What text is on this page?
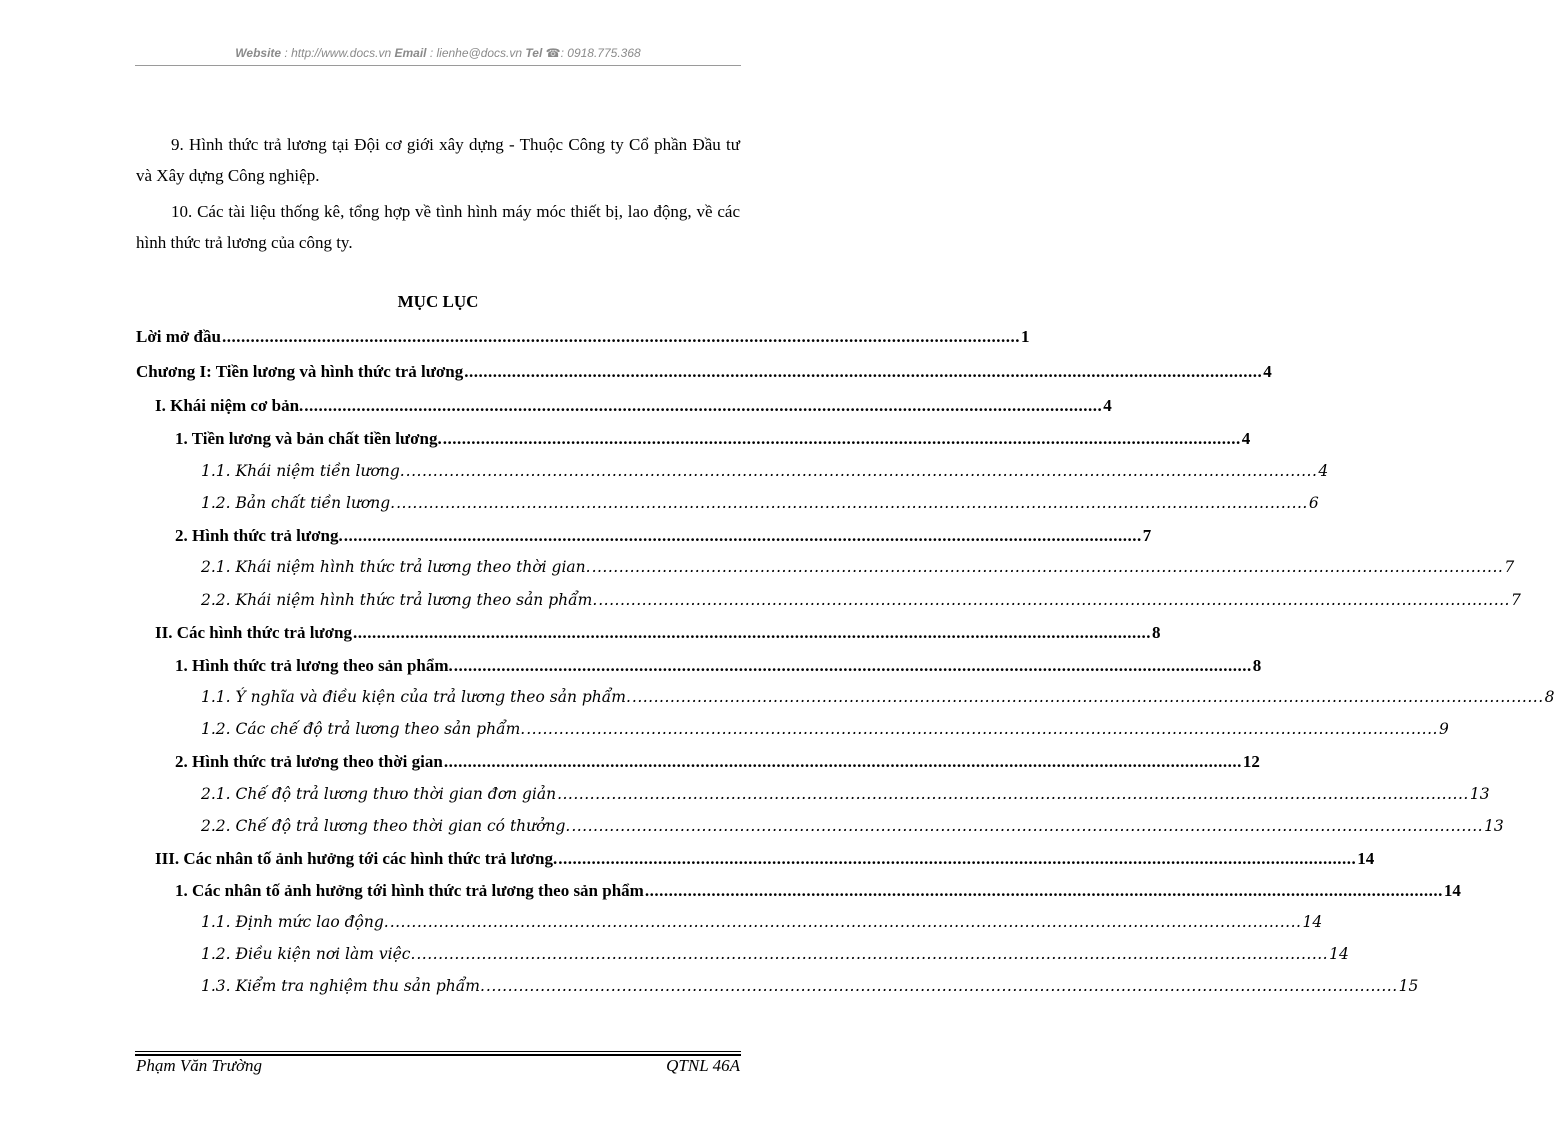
Website : http://www.docs.vn Email : lienhe@docs.vn Tel ☎: 0918.775.368

9. Hình thức trả lương tại Đội cơ giới xây dựng - Thuộc Công ty Cổ phần Đầu tư và Xây dựng Công nghiệp.

10. Các tài liệu thống kê, tổng hợp về tình hình máy móc thiết bị, lao động, về các hình thức trả lương của công ty.

MỤC LỤC
Lời mở đầu ........................................................................................................................................................................ 1
Chương I: Tiền lương và hình thức trả lương ........................................................................................................................................................................ 4
I. Khái niệm cơ bản. ........................................................................................................................................................................ 4
1. Tiền lương và bản chất tiền lương. ........................................................................................................................................................................ 4
1.1. Khái niệm tiền lương. ........................................................................................................................................................................ 4
1.2. Bản chất tiền lương. ........................................................................................................................................................................ 6
2. Hình thức trả lương. ........................................................................................................................................................................ 7
2.1. Khái niệm hình thức trả lương theo thời gian. ........................................................................................................................................................................ 7
2.2. Khái niệm hình thức trả lương theo sản phẩm. ........................................................................................................................................................................ 7
II. Các hình thức trả lương ........................................................................................................................................................................ 8
1. Hình thức trả lương theo sản phẩm. ........................................................................................................................................................................ 8
1.1. Ý nghĩa và điều kiện của trả lương theo sản phẩm. ........................................................................................................................................................................ 8
1.2. Các chế độ trả lương theo sản phẩm. ........................................................................................................................................................................ 9
2. Hình thức trả lương theo thời gian ........................................................................................................................................................................ 12
2.1. Chế độ trả lương thưo thời gian đơn giản ........................................................................................................................................................................ 13
2.2. Chế độ trả lương theo thời gian có thưởng. ........................................................................................................................................................................ 13
III. Các nhân tố ảnh hưởng tới các hình thức trả lương. ........................................................................................................................................................................ 14
1. Các nhân tố ảnh hưởng tới hình thức trả lương theo sản phẩm ........................................................................................................................................................................ 14
1.1. Định mức lao động. ........................................................................................................................................................................ 14
1.2. Điều kiện nơi làm việc. ........................................................................................................................................................................ 14
1.3. Kiểm tra nghiệm thu sản phẩm. ........................................................................................................................................................................ 15
Phạm Văn Trường	QTNL 46A
